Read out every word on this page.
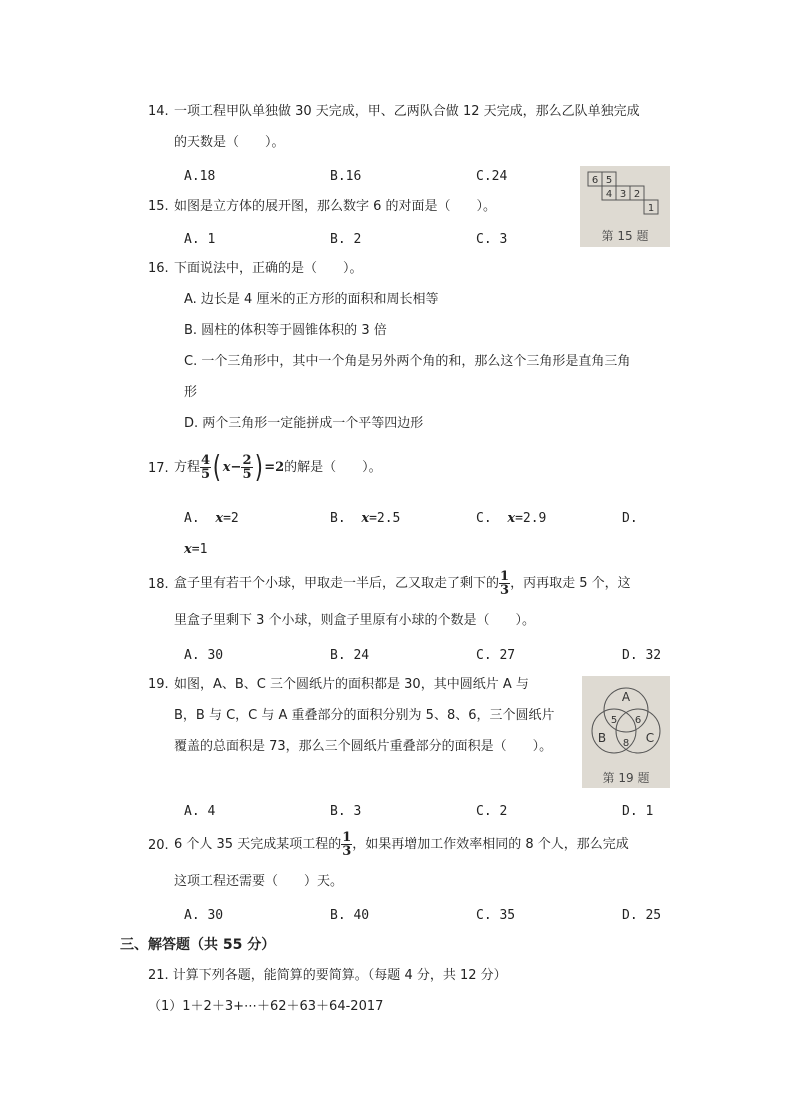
14. 一项工程甲队单独做 30 天完成，甲、乙两队合做 12 天完成，那么乙队单独完成
的天数是（　　）。
A.18	B.16	C.24
15. 如图是立方体的展开图，那么数字 6 的对面是（　　）。
A. 1	B. 2	C. 3
6 5
4 3 2
1
第 15 题
16. 下面说法中，正确的是（　　）。
A. 边长是 4 厘米的正方形的面积和周长相等
B. 圆柱的体积等于圆锥体积的 3 倍
C. 一个三角形中，其中一个角是另外两个角的和，那么这个三角形是直角三角
形
D. 两个三角形一定能拼成一个平等四边形
17. 方程 $\frac{4}{5}$ ( $x- \frac{2}{5}$ ) =2的解是（　　）。
A. x=2	B. x=2.5	C. x=2.9	D.
x=1
18. 盒子里有若干个小球，甲取走一半后，乙又取走了剩下的 $\frac{1}{3}$ ，丙再取走 5 个，这
里盒子里剩下 3 个小球，则盒子里原有小球的个数是（　　）。
A. 30	B. 24	C. 27	D. 32
19. 如图，A、B、C 三个圆纸片的面积都是 30，其中圆纸片 A 与
B，B 与 C，C 与 A 重叠部分的面积分别为 5、8、6，三个圆纸片
覆盖的总面积是 73，那么三个圆纸片重叠部分的面积是（　　）。
A
B	C
5 6
8
第 19 题
A. 4	B. 3	C. 2	D. 1
20. 6 个人 35 天完成某项工程的 $\frac{1}{3}$ ，如果再增加工作效率相同的 8 个人，那么完成
这项工程还需要（　　）天。
A. 30	B. 40	C. 35	D. 25
三、解答题（共 55 分）
21. 计算下列各题，能简算的要简算。（每题 4 分，共 12 分）
（1）1＋2＋3+⋯＋62＋63＋64-2017
